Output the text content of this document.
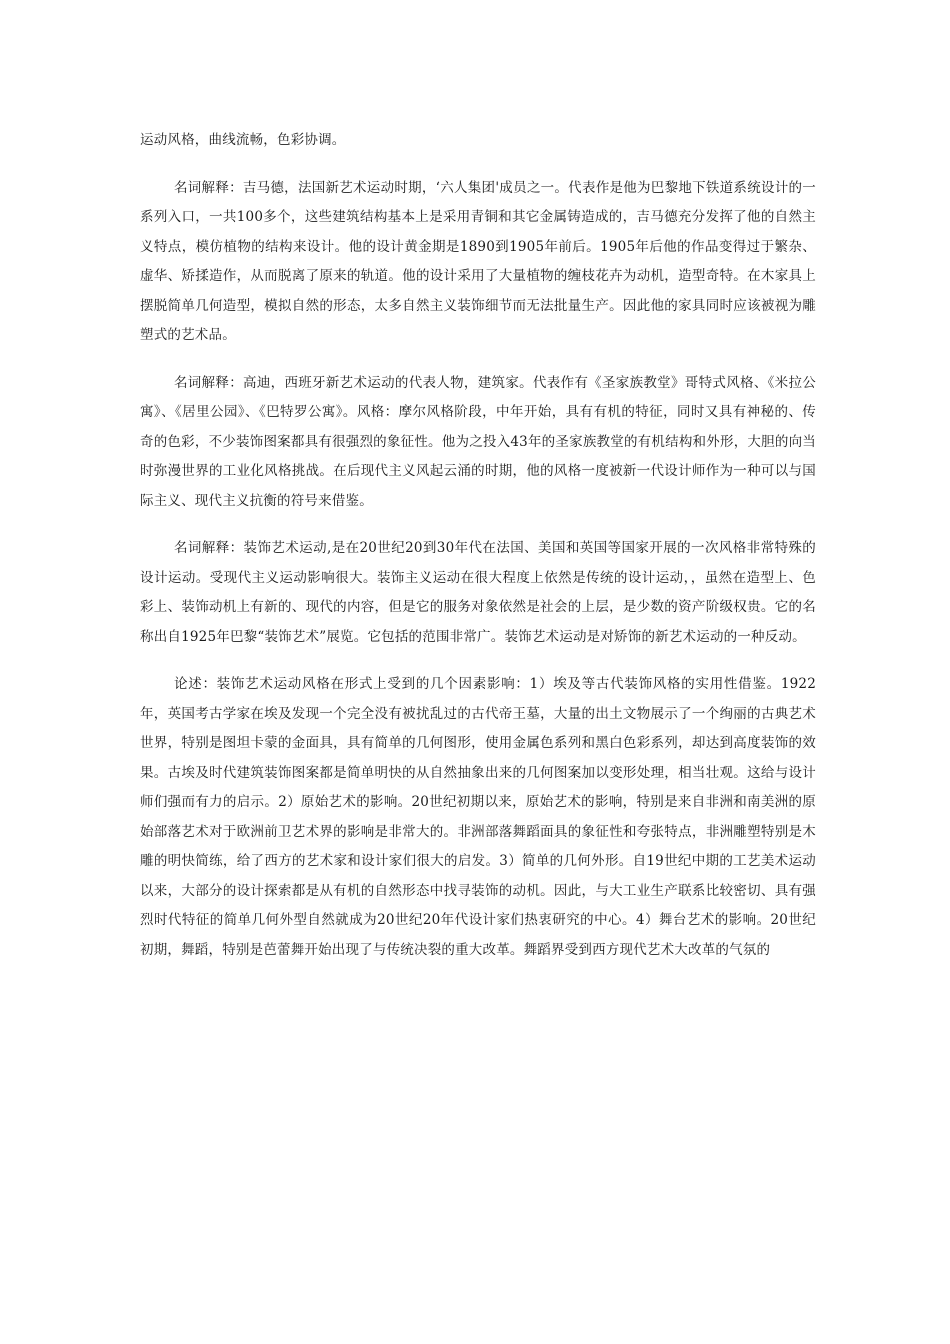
运动风格，曲线流畅，色彩协调。

名词解释：吉马德，法国新艺术运动时期，‘六人集团'成员之一。代表作是他为巴黎地下铁道系统设计的一系列入口，一共100多个，这些建筑结构基本上是采用青铜和其它金属铸造成的，吉马德充分发挥了他的自然主义特点，模仿植物的结构来设计。他的设计黄金期是1890到1905年前后。1905年后他的作品变得过于繁杂、虚华、矫揉造作，从而脱离了原来的轨道。他的设计采用了大量植物的缠枝花卉为动机，造型奇特。在木家具上摆脱简单几何造型，模拟自然的形态，太多自然主义装饰细节而无法批量生产。因此他的家具同时应该被视为雕塑式的艺术品。

名词解释：高迪，西班牙新艺术运动的代表人物，建筑家。代表作有《圣家族教堂》哥特式风格、《米拉公寓》、《居里公园》、《巴特罗公寓》。风格：摩尔风格阶段，中年开始，具有有机的特征，同时又具有神秘的、传奇的色彩，不少装饰图案都具有很强烈的象征性。他为之投入43年的圣家族教堂的有机结构和外形，大胆的向当时弥漫世界的工业化风格挑战。在后现代主义风起云涌的时期，他的风格一度被新一代设计师作为一种可以与国际主义、现代主义抗衡的符号来借鉴。

名词解释：装饰艺术运动,是在20世纪20到30年代在法国、美国和英国等国家开展的一次风格非常特殊的设计运动。受现代主义运动影响很大。装饰主义运动在很大程度上依然是传统的设计运动，，虽然在造型上、色彩上、装饰动机上有新的、现代的内容，但是它的服务对象依然是社会的上层，是少数的资产阶级权贵。它的名称出自1925年巴黎“装饰艺术”展览。它包括的范围非常广。装饰艺术运动是对矫饰的新艺术运动的一种反动。

论述：装饰艺术运动风格在形式上受到的几个因素影响：1）埃及等古代装饰风格的实用性借鉴。1922年，英国考古学家在埃及发现一个完全没有被扰乱过的古代帝王墓，大量的出土文物展示了一个绚丽的古典艺术世界，特别是图坦卡蒙的金面具，具有简单的几何图形，使用金属色系列和黑白色彩系列，却达到高度装饰的效果。古埃及时代建筑装饰图案都是简单明快的从自然抽象出来的几何图案加以变形处理，相当壮观。这给与设计师们强而有力的启示。2）原始艺术的影响。20世纪初期以来，原始艺术的影响，特别是来自非洲和南美洲的原始部落艺术对于欧洲前卫艺术界的影响是非常大的。非洲部落舞蹈面具的象征性和夸张特点，非洲雕塑特别是木雕的明快简练，给了西方的艺术家和设计家们很大的启发。3）简单的几何外形。自19世纪中期的工艺美术运动以来，大部分的设计探索都是从有机的自然形态中找寻装饰的动机。因此，与大工业生产联系比较密切、具有强烈时代特征的简单几何外型自然就成为20世纪20年代设计家们热衷研究的中心。4）舞台艺术的影响。20世纪初期，舞蹈，特别是芭蕾舞开始出现了与传统决裂的重大改革。舞蹈界受到西方现代艺术大改革的气氛的
